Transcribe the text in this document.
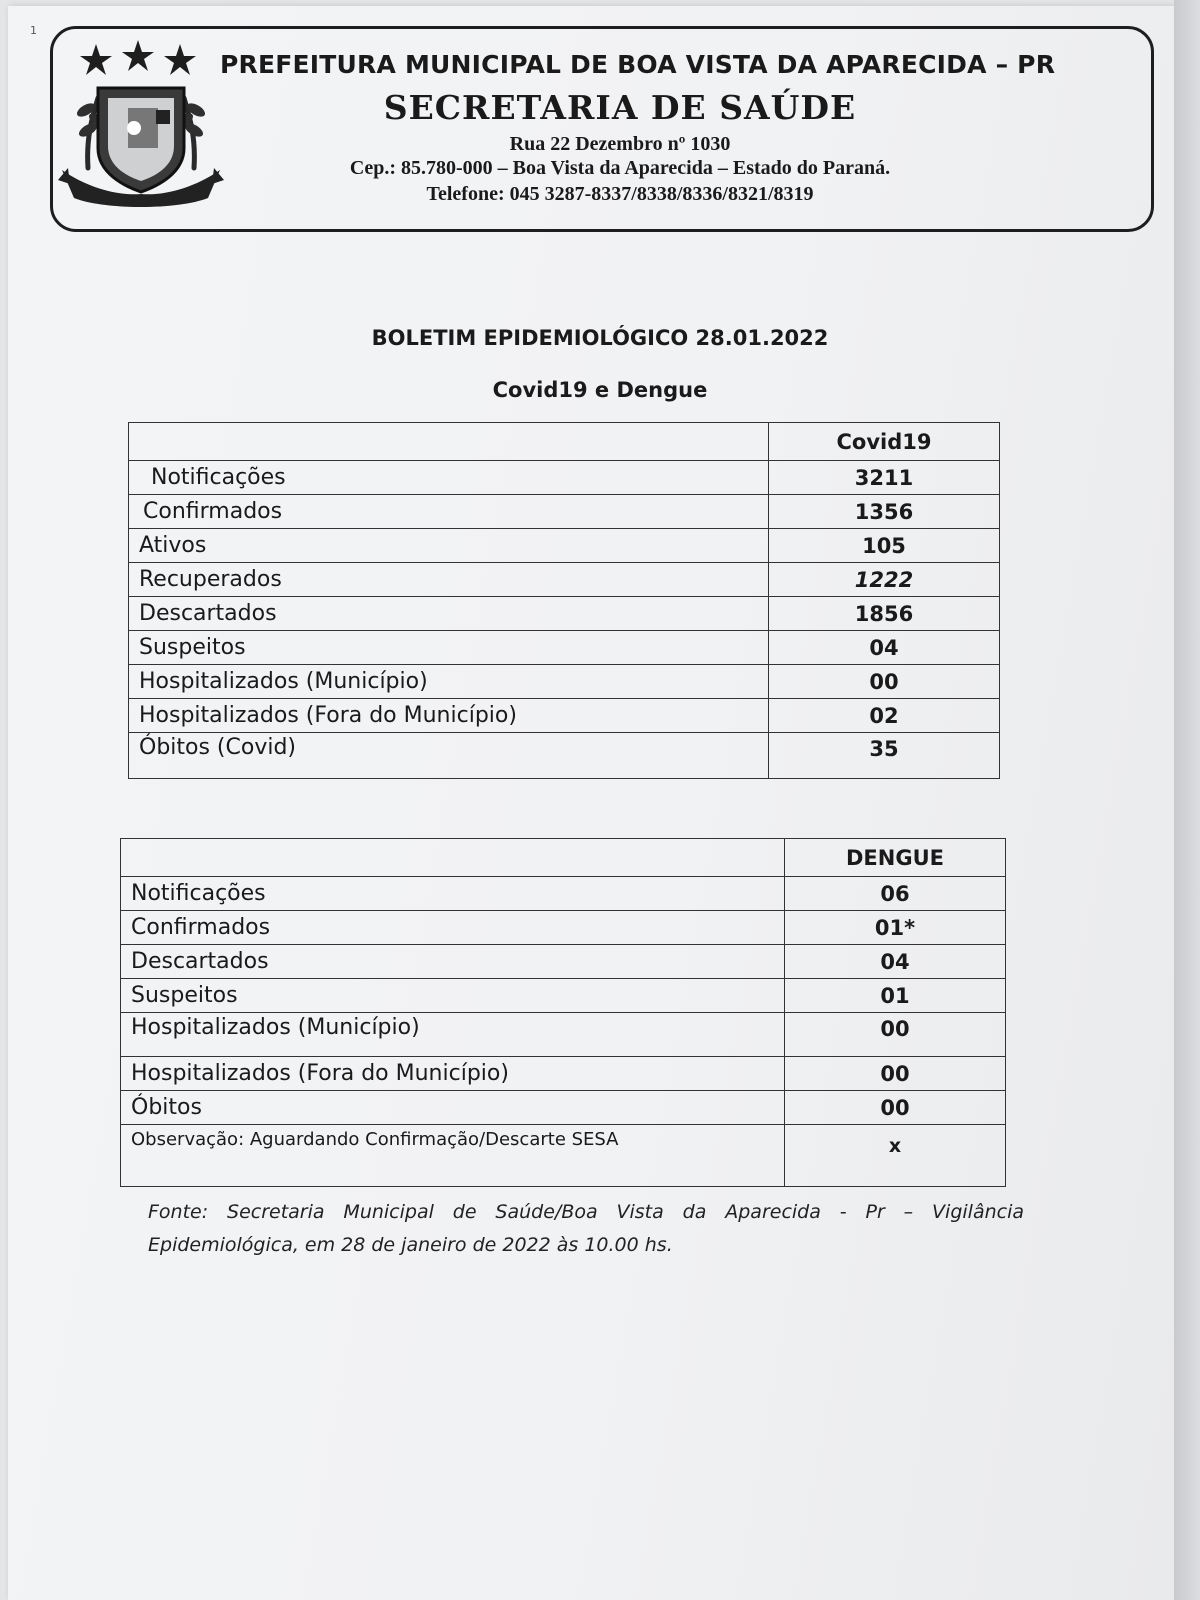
1
PREFEITURA MUNICIPAL DE BOA VISTA DA APARECIDA – PR
SECRETARIA DE SAÚDE
Rua 22 Dezembro nº 1030
Cep.: 85.780-000 – Boa Vista da Aparecida – Estado do Paraná.
Telefone: 045 3287-8337/8338/8336/8321/8319
BOLETIM EPIDEMIOLÓGICO 28.01.2022
Covid19 e Dengue
	Covid19
Notificações	3211
Confirmados	1356
Ativos	105
Recuperados	1222
Descartados	1856
Suspeitos	04
Hospitalizados (Município)	00
Hospitalizados (Fora do Município)	02
Óbitos (Covid)	35
	DENGUE
Notificações	06
Confirmados	01*
Descartados	04
Suspeitos	01
Hospitalizados (Município)	00
Hospitalizados (Fora do Município)	00
Óbitos	00
Observação: Aguardando Confirmação/Descarte SESA	x
Fonte: Secretaria Municipal de Saúde/Boa Vista da Aparecida - Pr – Vigilância Epidemiológica, em 28 de janeiro de 2022 às 10.00 hs.
